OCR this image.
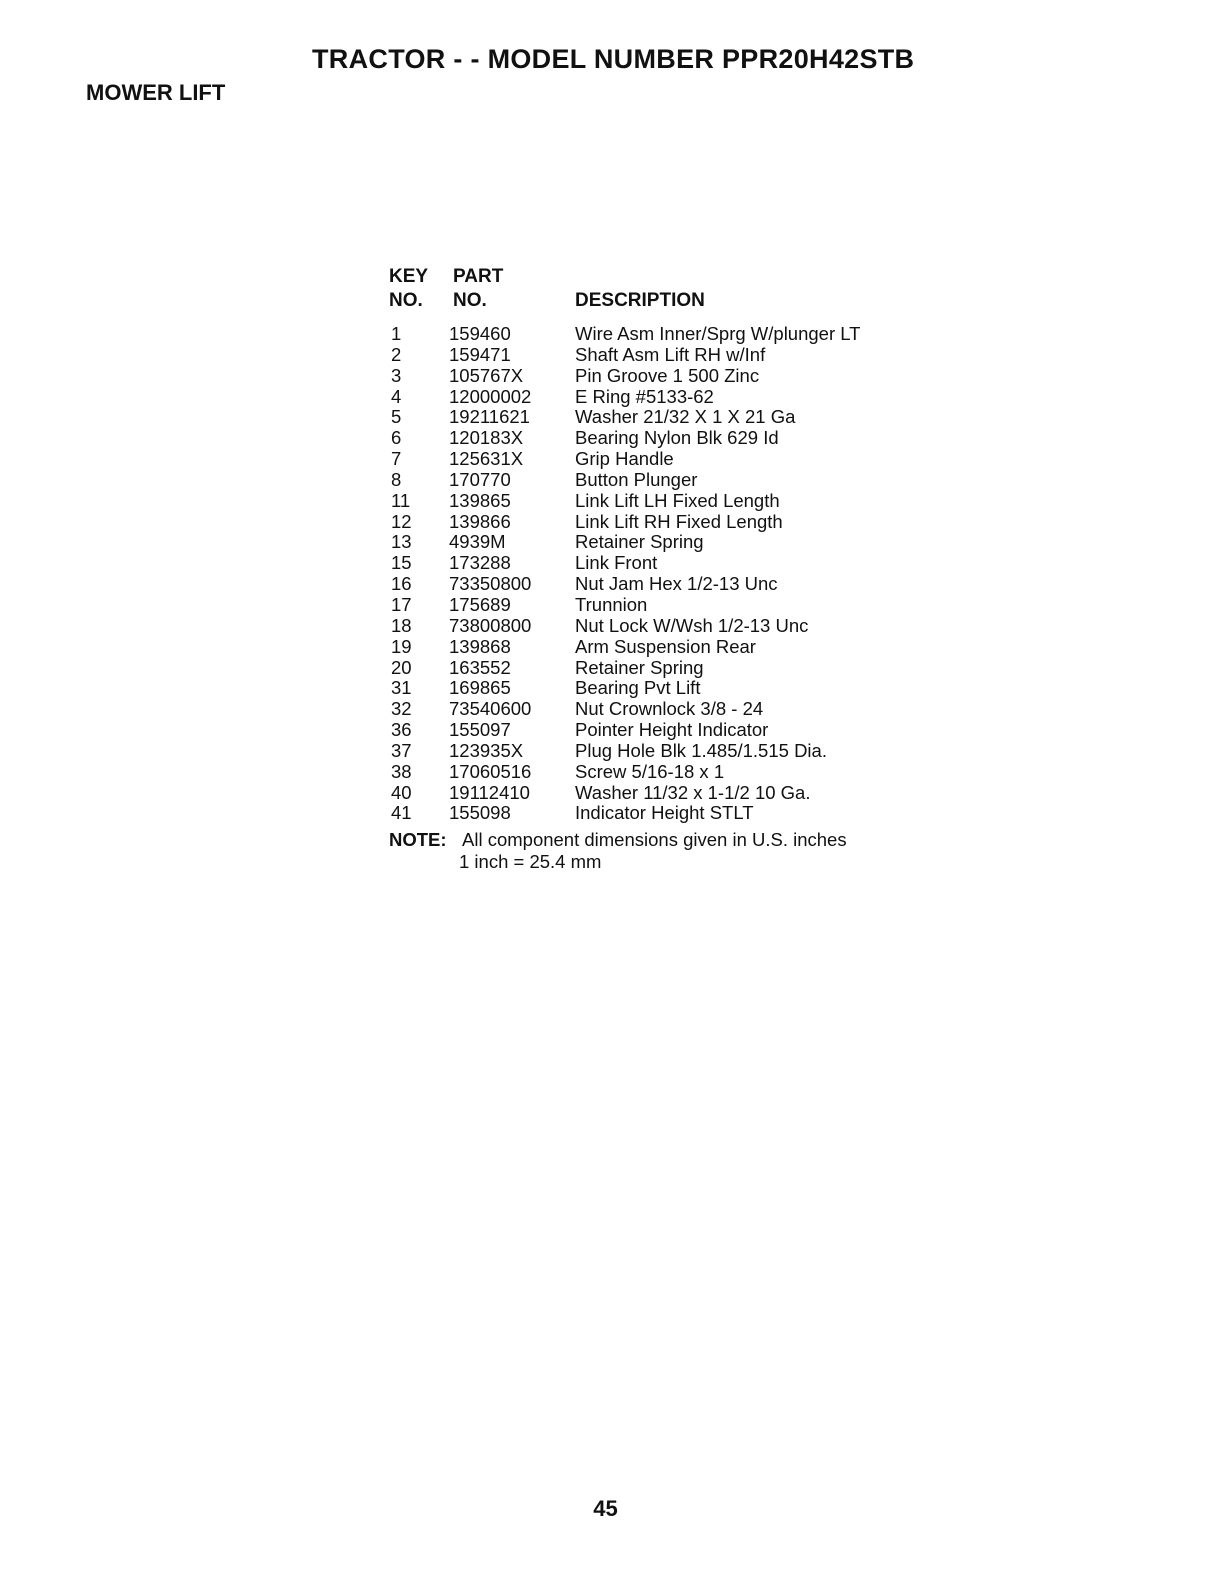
TRACTOR - - MODEL NUMBER PPR20H42STB
MOWER LIFT
KEY
NO.
PART
NO.	DESCRIPTION
1	159460	Wire Asm Inner/Sprg W/plunger LT
2	159471	Shaft Asm Lift RH w/Inf
3	105767X	Pin Groove 1 500 Zinc
4	12000002 E Ring #5133-62
5	19211621 Washer 21/32 X 1 X 21 Ga
6	120183X	Bearing Nylon Blk 629 Id
7	125631X	Grip Handle
8	170770	Button Plunger
11 139865	Link Lift LH Fixed Length
12 139866	Link Lift RH Fixed Length
13 4939M	Retainer Spring
15 173288	Link Front
16 73350800 Nut Jam Hex 1/2-13 Unc
17 175689	Trunnion
18 73800800 Nut Lock W/Wsh 1/2-13 Unc
19 139868	Arm Suspension Rear
20 163552	Retainer Spring
31 169865	Bearing Pvt Lift
32 73540600 Nut Crownlock 3/8 - 24
36 155097	Pointer Height Indicator
37 123935X	Plug Hole Blk 1.485/1.515 Dia.
38 17060516 Screw 5/16-18 x 1
40 19112410 Washer 11/32 x 1-1/2 10 Ga.
41 155098	Indicator Height STLT
NOTE: All component dimensions given in U.S. inches
1 inch = 25.4 mm
45
